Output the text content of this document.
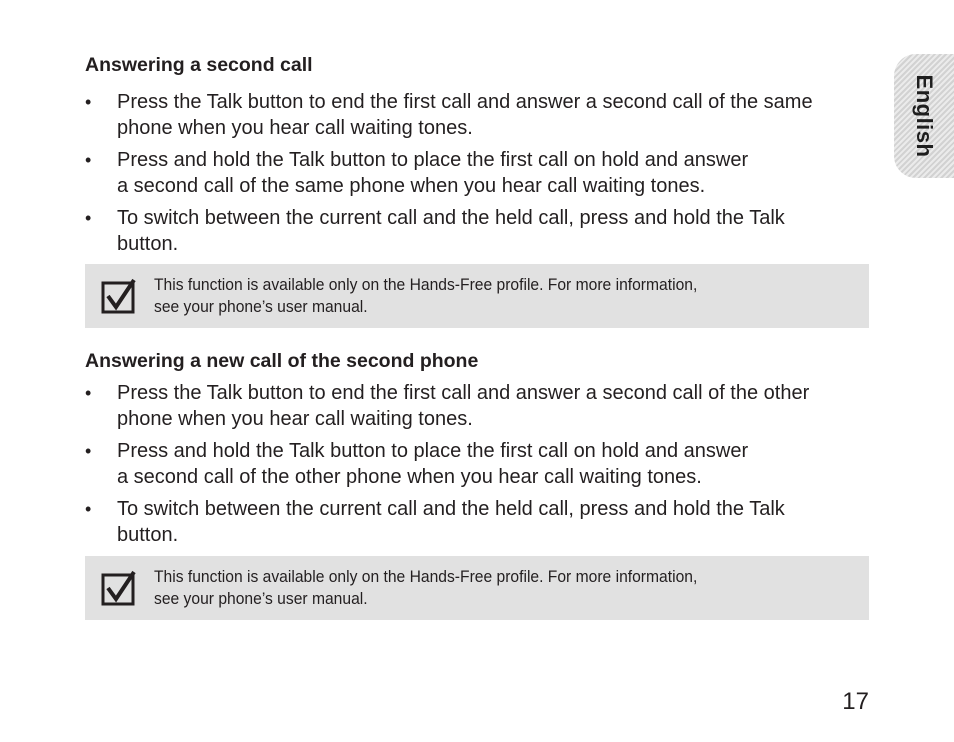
English
Answering a second call
• Press the Talk button to end the first call and answer a second call of the same
phone when you hear call waiting tones.
• Press and hold the Talk button to place the first call on hold and answer
a second call of the same phone when you hear call waiting tones.
• To switch between the current call and the held call, press and hold the Talk
button.
This function is available only on the Hands-Free profile. For more information,
see your phone’s user manual.
Answering a new call of the second phone
• Press the Talk button to end the first call and answer a second call of the other
phone when you hear call waiting tones.
• Press and hold the Talk button to place the first call on hold and answer
a second call of the other phone when you hear call waiting tones.
• To switch between the current call and the held call, press and hold the Talk
button.
This function is available only on the Hands-Free profile. For more information,
see your phone’s user manual.
17
